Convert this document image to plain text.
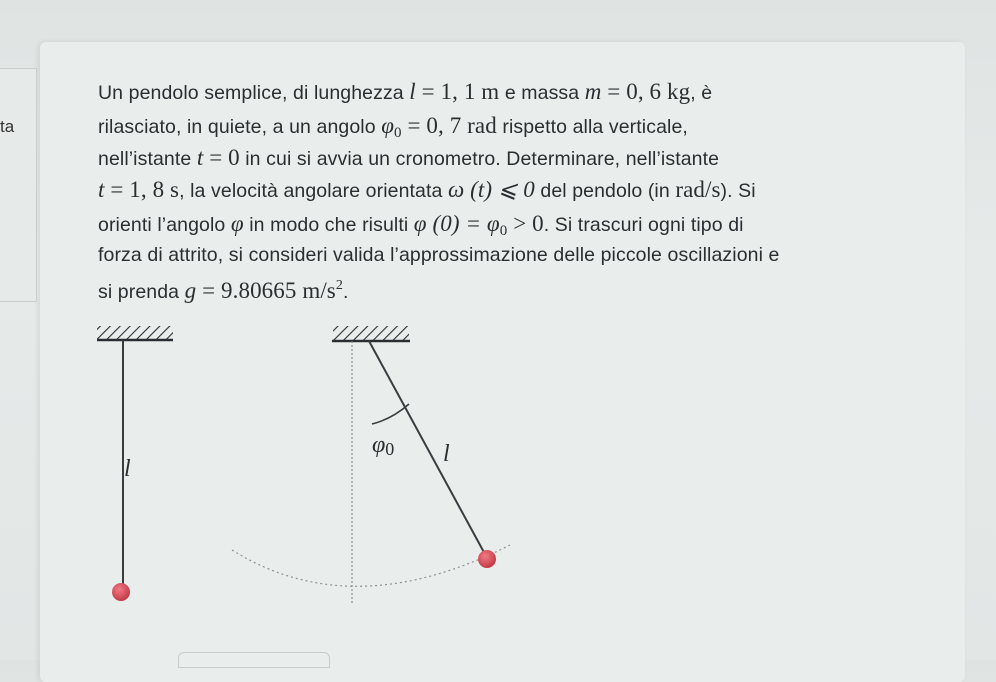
ta
Un pendolo semplice, di lunghezza l = 1, 1 m e massa m = 0, 6 kg, è
rilasciato, in quiete, a un angolo $\varphi_0 = 0$, 7 rad rispetto alla verticale,
nell’istante t = 0 in cui si avvia un cronometro. Determinare, nell’istante
t = 1, 8 s, la velocità angolare orientata ω (t) ⩽ 0 del pendolo (in rad/s). Si
orienti l’angolo φ in modo che risulti φ $(0) = \varphi_0 > 0$. Si trascuri ogni tipo di
forza di attrito, si consideri valida l’approssimazione delle piccole oscillazioni e
si prenda g = 9.80665 $m/s^2$.
l
φ0 l
